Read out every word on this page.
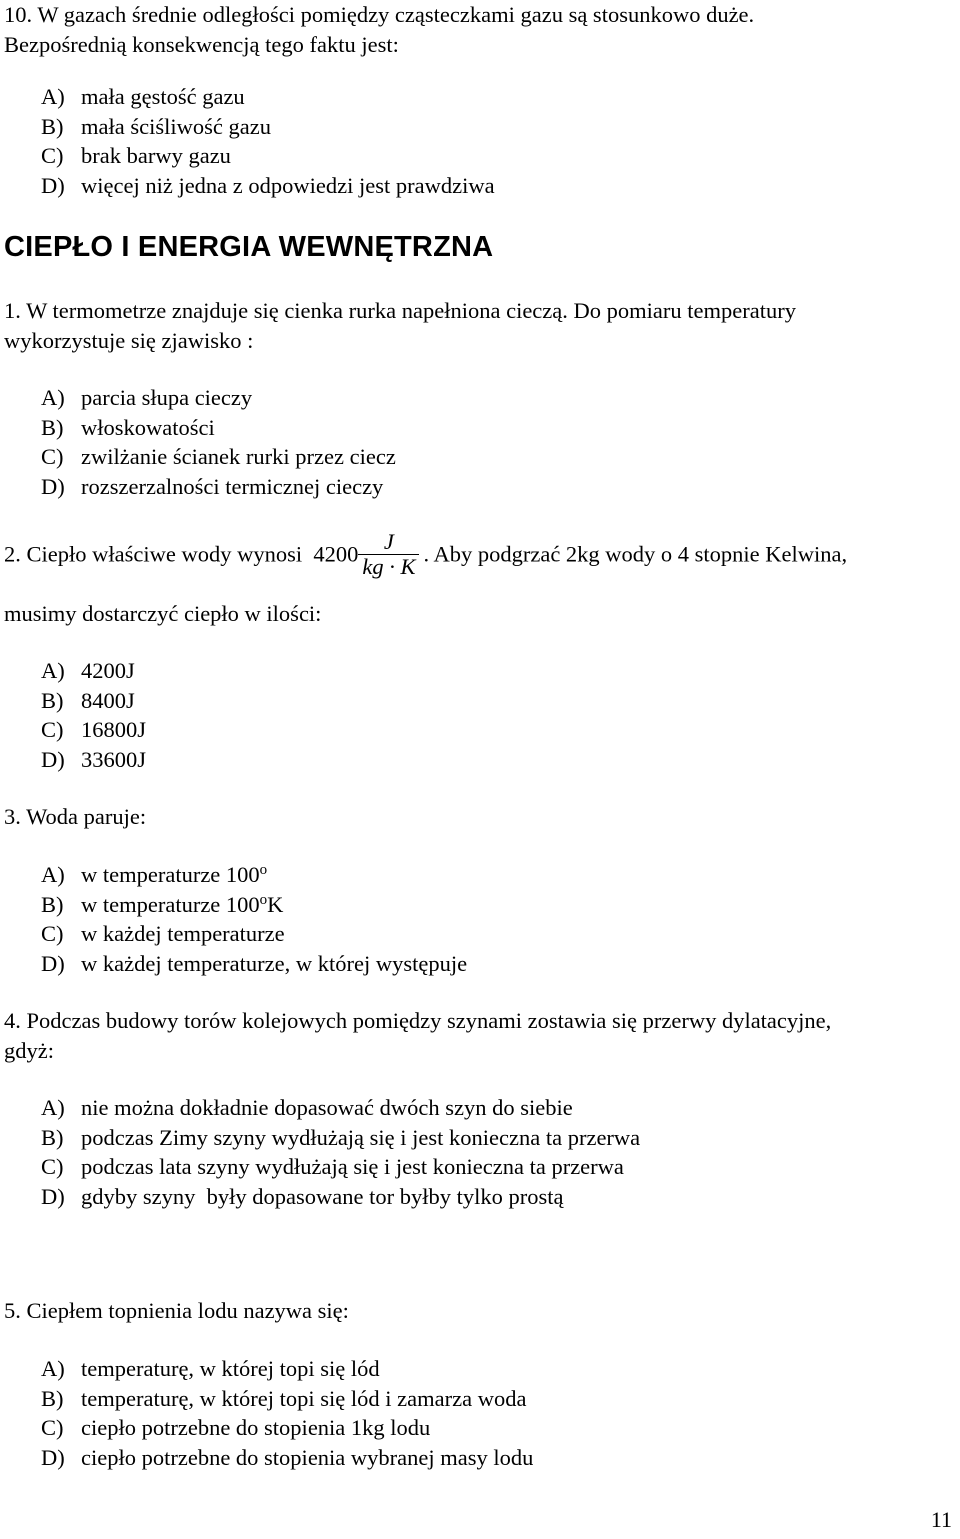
10. W gazach średnie odległości pomiędzy cząsteczkami gazu są stosunkowo duże.

Bezpośrednią konsekwencją tego faktu jest:

A) mała gęstość gazu
B) mała ściśliwość gazu
C) brak barwy gazu
D) więcej niż jedna z odpowiedzi jest prawdziwa
CIEPŁO I ENERGIA WEWNĘTRZNA

1. W termometrze znajduje się cienka rurka napełniona cieczą. Do pomiaru temperatury

wykorzystuje się zjawisko :

A) parcia słupa cieczy
B) włoskowatości
C) zwilżanie ścianek rurki przez ciecz
D) rozszerzalności termicznej cieczy
2. Ciepło właściwe wody wynosi  $4200 \frac{J}{kg \cdot K}$ . Aby podgrzać 2kg wody o 4 stopnie Kelwina,

musimy dostarczyć ciepło w ilości:

A) 4200J
B) 8400J
C) 16800J
D) 33600J

3. Woda paruje:

A) w temperaturze 100$^o$
B) w temperaturze 100$^o$K
C) w każdej temperaturze
D) w każdej temperaturze, w której występuje

4. Podczas budowy torów kolejowych pomiędzy szynami zostawia się przerwy dylatacyjne,

gdyż:

A) nie można dokładnie dopasować dwóch szyn do siebie
B) podczas Zimy szyny wydłużają się i jest konieczna ta przerwa
C) podczas lata szyny wydłużają się i jest konieczna ta przerwa
D) gdyby szyny  były dopasowane tor byłby tylko prostą

5. Ciepłem topnienia lodu nazywa się:

A) temperaturę, w której topi się lód
B) temperaturę, w której topi się lód i zamarza woda
C) ciepło potrzebne do stopienia 1kg lodu
D) ciepło potrzebne do stopienia wybranej masy lodu
11
